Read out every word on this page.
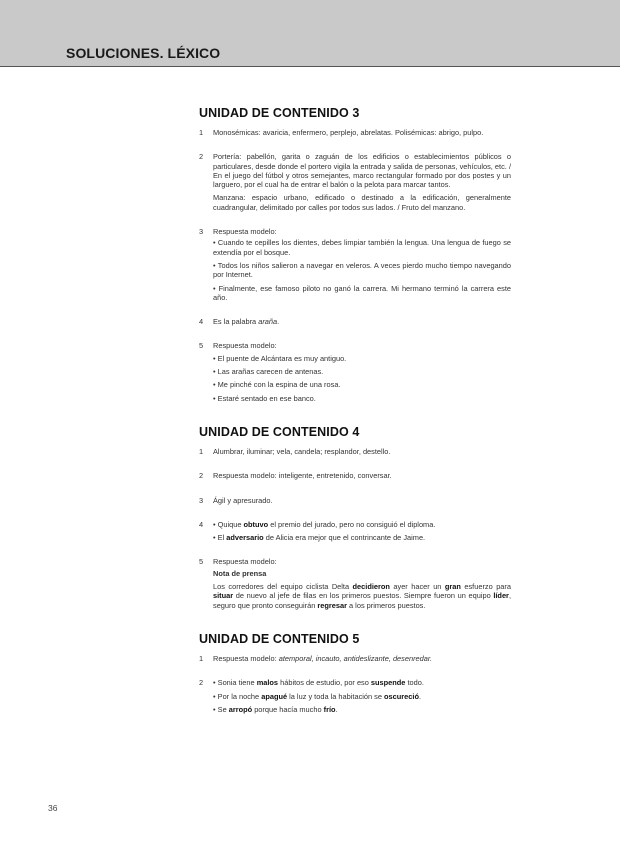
SOLUCIONES. LÉXICO
UNIDAD DE CONTENIDO 3
1	Monosémicas: avaricia, enfermero, perplejo, abrelatas. Polisémicas: abrigo, pulpo.
2	Portería: pabellón, garita o zaguán de los edificios o establecimientos públicos o particulares, desde donde el portero vigila la entrada y salida de personas, vehículos, etc. / En el juego del fútbol y otros semejantes, marco rectangular formado por dos postes y un larguero, por el cual ha de entrar el balón o la pelota para marcar tantos.

Manzana: espacio urbano, edificado o destinado a la edificación, generalmente cuadrangular, delimitado por calles por todos sus lados. / Fruto del manzano.

3	Respuesta modelo:

• Cuando te cepilles los dientes, debes limpiar también la lengua. Una lengua de fuego se extendía por el bosque.

• Todos los niños salieron a navegar en veleros. A veces pierdo mucho tiempo navegando por Internet.

• Finalmente, ese famoso piloto no ganó la carrera. Mi hermano terminó la carrera este año.

4	Es la palabra araña.
5	Respuesta modelo:

• El puente de Alcántara es muy antiguo.

• Las arañas carecen de antenas.

• Me pinché con la espina de una rosa.

• Estaré sentado en ese banco.

UNIDAD DE CONTENIDO 4
1	Alumbrar, iluminar; vela, candela; resplandor, destello.
2	Respuesta modelo: inteligente, entretenido, conversar.
3	Ágil y apresurado.
4	• Quique obtuvo el premio del jurado, pero no consiguió el diploma.

• El adversario de Alicia era mejor que el contrincante de Jaime.

5	Respuesta modelo:

Nota de prensa

Los corredores del equipo ciclista Delta decidieron ayer hacer un gran esfuerzo para situar de nuevo al jefe de filas en los primeros puestos. Siempre fueron un equipo líder, seguro que pronto conseguirán regresar a los primeros puestos.

UNIDAD DE CONTENIDO 5
1	Respuesta modelo: atemporal, incauto, antideslizante, desenredar.
2	• Sonia tiene malos hábitos de estudio, por eso suspende todo.

• Por la noche apagué la luz y toda la habitación se oscureció.

• Se arropó porque hacía mucho frío.

36
